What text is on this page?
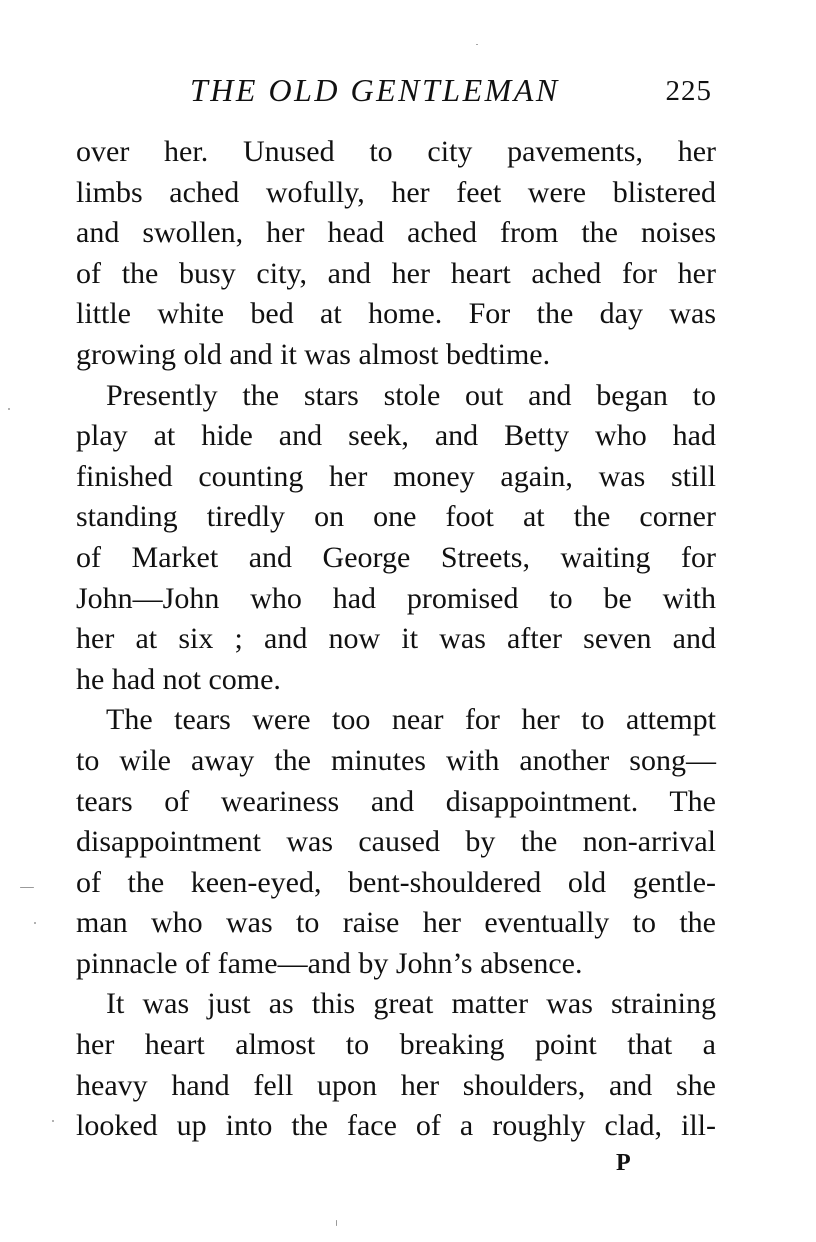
THE OLD GENTLEMAN	225
over her. Unused to city pavements, her
limbs ached wofully, her feet were blistered
and swollen, her head ached from the noises
of the busy city, and her heart ached for her
little white bed at home. For the day was
growing old and it was almost bedtime.
 Presently the stars stole out and began to
play at hide and seek, and Betty who had
finished counting her money again, was still
standing tiredly on one foot at the corner
of Market and George Streets, waiting for
John—John who had promised to be with
her at six ; and now it was after seven and
he had not come.
 The tears were too near for her to attempt
to wile away the minutes with another song—
tears of weariness and disappointment. The
disappointment was caused by the non-arrival
of the keen-eyed, bent-shouldered old gentle-
man who was to raise her eventually to the
pinnacle of fame—and by John’s absence.
 It was just as this great matter was straining
her heart almost to breaking point that a
heavy hand fell upon her shoulders, and she
looked up into the face of a roughly clad, ill-
P
